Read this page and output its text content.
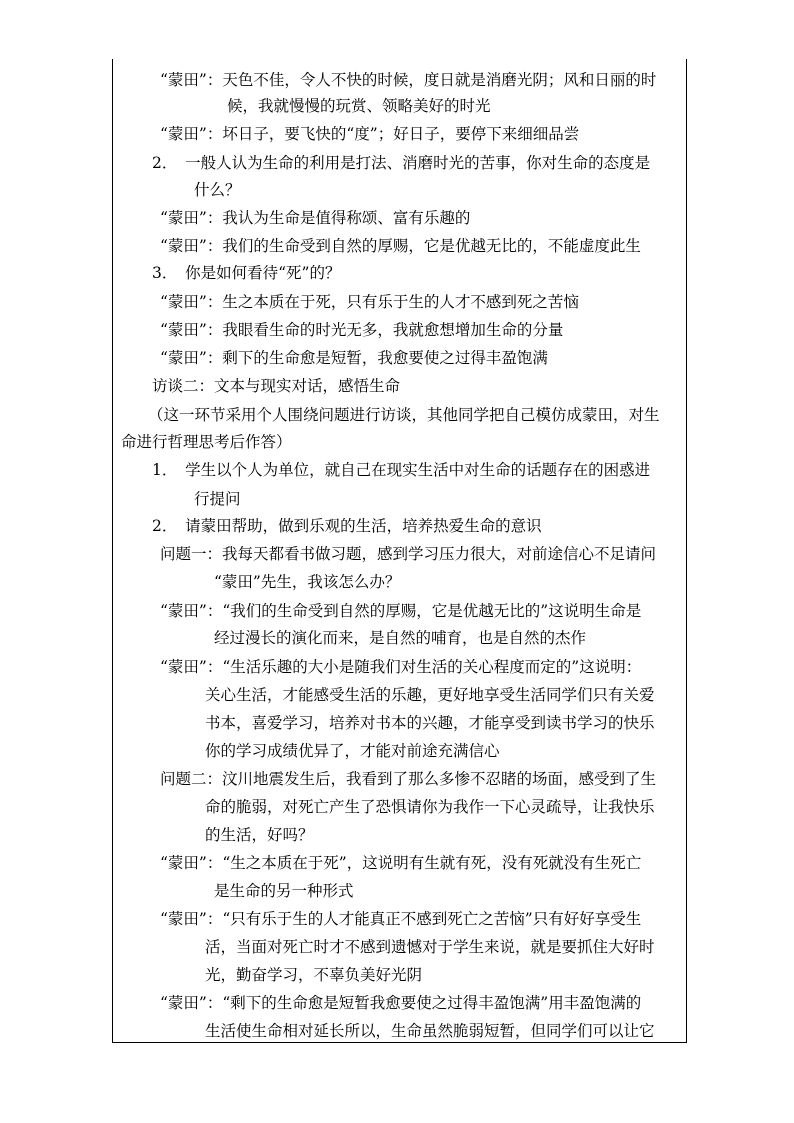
“蒙田”：天色不佳，令人不快的时候，度日就是消磨光阴；风和日丽的时
候，我就慢慢的玩赏、领略美好的时光
“蒙田”：坏日子，要飞快的“度”；好日子，要停下来细细品尝
2．　一般人认为生命的利用是打法、消磨时光的苦事，你对生命的态度是
什么？
“蒙田”：我认为生命是值得称颂、富有乐趣的
“蒙田”：我们的生命受到自然的厚赐，它是优越无比的，不能虚度此生
3．　你是如何看待“死”的？
“蒙田”：生之本质在于死，只有乐于生的人才不感到死之苦恼
“蒙田”：我眼看生命的时光无多，我就愈想增加生命的分量
“蒙田”：剩下的生命愈是短暂，我愈要使之过得丰盈饱满
访谈二：文本与现实对话，感悟生命
（这一环节采用个人围绕问题进行访谈，其他同学把自己模仿成蒙田，对生
命进行哲理思考后作答）
1．　学生以个人为单位，就自己在现实生活中对生命的话题存在的困惑进
行提问
2．　请蒙田帮助，做到乐观的生活，培养热爱生命的意识
问题一：我每天都看书做习题，感到学习压力很大，对前途信心不足请问
“蒙田”先生，我该怎么办？
“蒙田”：“我们的生命受到自然的厚赐，它是优越无比的”这说明生命是
经过漫长的演化而来，是自然的哺育，也是自然的杰作
“蒙田”：“生活乐趣的大小是随我们对生活的关心程度而定的”这说明：
关心生活，才能感受生活的乐趣，更好地享受生活同学们只有关爱
书本，喜爱学习，培养对书本的兴趣，才能享受到读书学习的快乐
你的学习成绩优异了，才能对前途充满信心
问题二：汶川地震发生后，我看到了那么多惨不忍睹的场面，感受到了生
命的脆弱，对死亡产生了恐惧请你为我作一下心灵疏导，让我快乐
的生活，好吗？
“蒙田”：“生之本质在于死”，这说明有生就有死，没有死就没有生死亡
是生命的另一种形式
“蒙田”：“只有乐于生的人才能真正不感到死亡之苦恼”只有好好享受生
活，当面对死亡时才不感到遗憾对于学生来说，就是要抓住大好时
光，勤奋学习，不辜负美好光阴
“蒙田”：“剩下的生命愈是短暂我愈要使之过得丰盈饱满”用丰盈饱满的
生活使生命相对延长所以，生命虽然脆弱短暂，但同学们可以让它
